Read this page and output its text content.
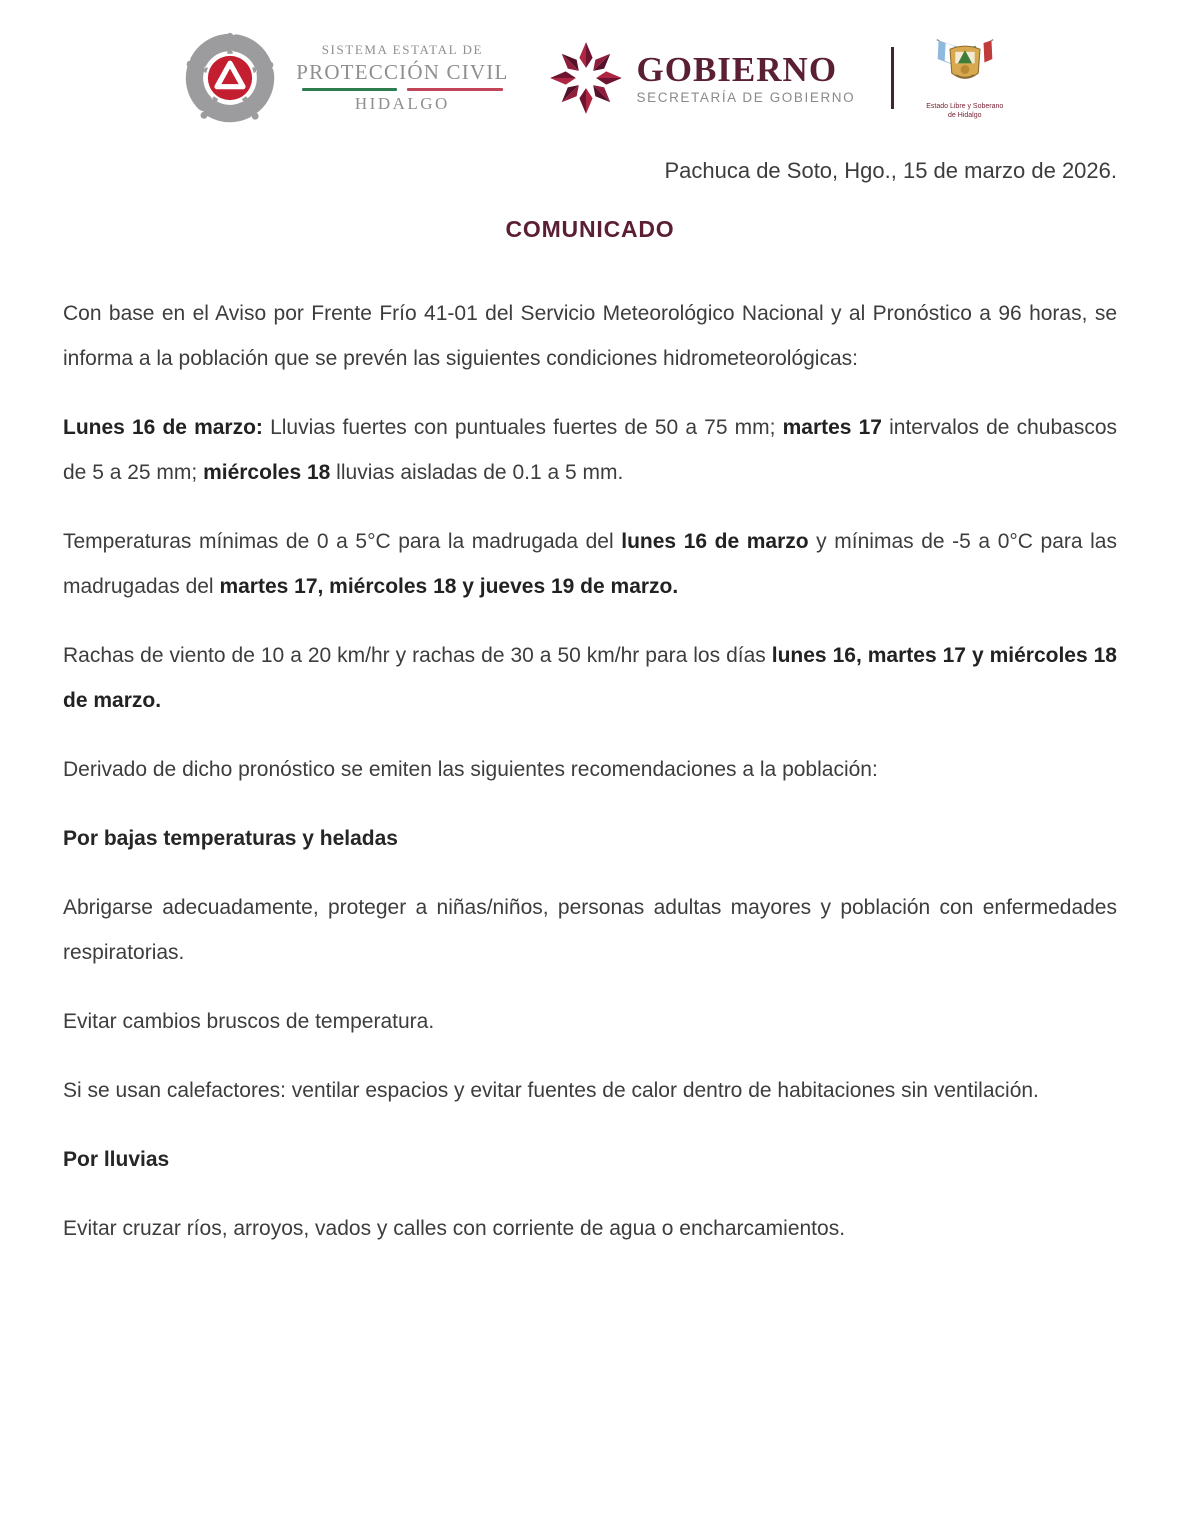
SISTEMA ESTATAL DE
PROTECCIÓN CIVIL
HIDALGO
GOBIERNO
SECRETARÍA DE GOBIERNO
Estado Libre y Soberano
de Hidalgo
Pachuca de Soto, Hgo., 15 de marzo de 2026.
COMUNICADO

Con base en el Aviso por Frente Frío 41-01 del Servicio Meteorológico Nacional y al Pronóstico a 96 horas, se informa a la población que se prevén las siguientes condiciones hidrometeorológicas:

Lunes 16 de marzo: Lluvias fuertes con puntuales fuertes de 50 a 75 mm; martes 17 intervalos de chubascos de 5 a 25 mm; miércoles 18 lluvias aisladas de 0.1 a 5 mm.

Temperaturas mínimas de 0 a 5°C para la madrugada del lunes 16 de marzo y mínimas de -5 a 0°C para las madrugadas del martes 17, miércoles 18 y jueves 19 de marzo.

Rachas de viento de 10 a 20 km/hr y rachas de 30 a 50 km/hr para los días lunes 16, martes 17 y miércoles 18 de marzo.

Derivado de dicho pronóstico se emiten las siguientes recomendaciones a la población:

Por bajas temperaturas y heladas

Abrigarse adecuadamente, proteger a niñas/niños, personas adultas mayores y población con enfermedades respiratorias.

Evitar cambios bruscos de temperatura.

Si se usan calefactores: ventilar espacios y evitar fuentes de calor dentro de habitaciones sin ventilación.

Por lluvias

Evitar cruzar ríos, arroyos, vados y calles con corriente de agua o encharcamientos.
